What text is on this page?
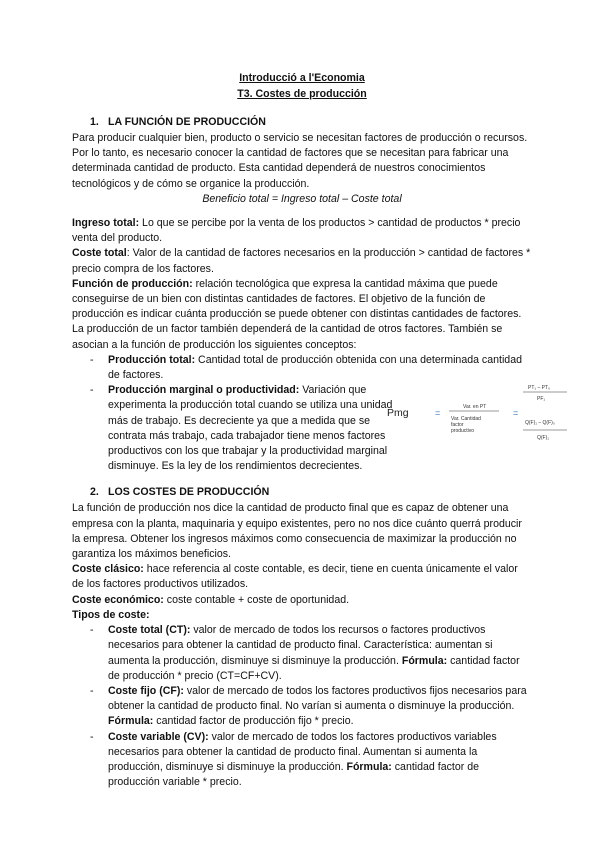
Introducció a l'Economia

T3. Costes de producción

1. LA FUNCIÓN DE PRODUCCIÓN

Para producir cualquier bien, producto o servicio se necesitan factores de producción o recursos. Por lo tanto, es necesario conocer la cantidad de factores que se necesitan para fabricar una determinada cantidad de producto. Esta cantidad dependerá de nuestros conocimientos tecnológicos y de cómo se organice la producción.

Beneficio total = Ingreso total – Coste total

Ingreso total: Lo que se percibe por la venta de los productos > cantidad de productos * precio venta del producto.

Coste total: Valor de la cantidad de factores necesarios en la producción > cantidad de factores * precio compra de los factores.

Función de producción: relación tecnológica que expresa la cantidad máxima que puede conseguirse de un bien con distintas cantidades de factores. El objetivo de la función de producción es indicar cuánta producción se puede obtener con distintas cantidades de factores. La producción de un factor también dependerá de la cantidad de otros factores. También se asocian a la función de producción los siguientes conceptos:

- Producción total: Cantidad total de producción obtenida con una determinada cantidad de factores.
- Producción marginal o productividad: Variación que experimenta la producción total cuando se utiliza una unidad más de trabajo. Es decreciente ya que a medida que se contrata más trabajo, cada trabajador tiene menos factores productivos con los que trabajar y la productividad marginal disminuye. Es la ley de los rendimientos decrecientes.
Pmg	=
Var. en PT
Var. Cantidad
factor
productivo
=
PT₁ – PT₀
PF₁
Q(F)₁ – Q(F)₀
Q(F)₁

2. LOS COSTES DE PRODUCCIÓN

La función de producción nos dice la cantidad de producto final que es capaz de obtener una empresa con la planta, maquinaria y equipo existentes, pero no nos dice cuánto querrá producir la empresa. Obtener los ingresos máximos como consecuencia de maximizar la producción no garantiza los máximos beneficios.

Coste clásico: hace referencia al coste contable, es decir, tiene en cuenta únicamente el valor de los factores productivos utilizados.

Coste económico: coste contable + coste de oportunidad.

Tipos de coste:

- Coste total (CT): valor de mercado de todos los recursos o factores productivos necesarios para obtener la cantidad de producto final. Característica: aumentan si aumenta la producción, disminuye si disminuye la producción. Fórmula: cantidad factor de producción * precio (CT=CF+CV).
- Coste fijo (CF): valor de mercado de todos los factores productivos fijos necesarios para obtener la cantidad de producto final. No varían si aumenta o disminuye la producción. Fórmula: cantidad factor de producción fijo * precio.
- Coste variable (CV): valor de mercado de todos los factores productivos variables necesarios para obtener la cantidad de producto final. Aumentan si aumenta la producción, disminuye si disminuye la producción. Fórmula: cantidad factor de producción variable * precio.
